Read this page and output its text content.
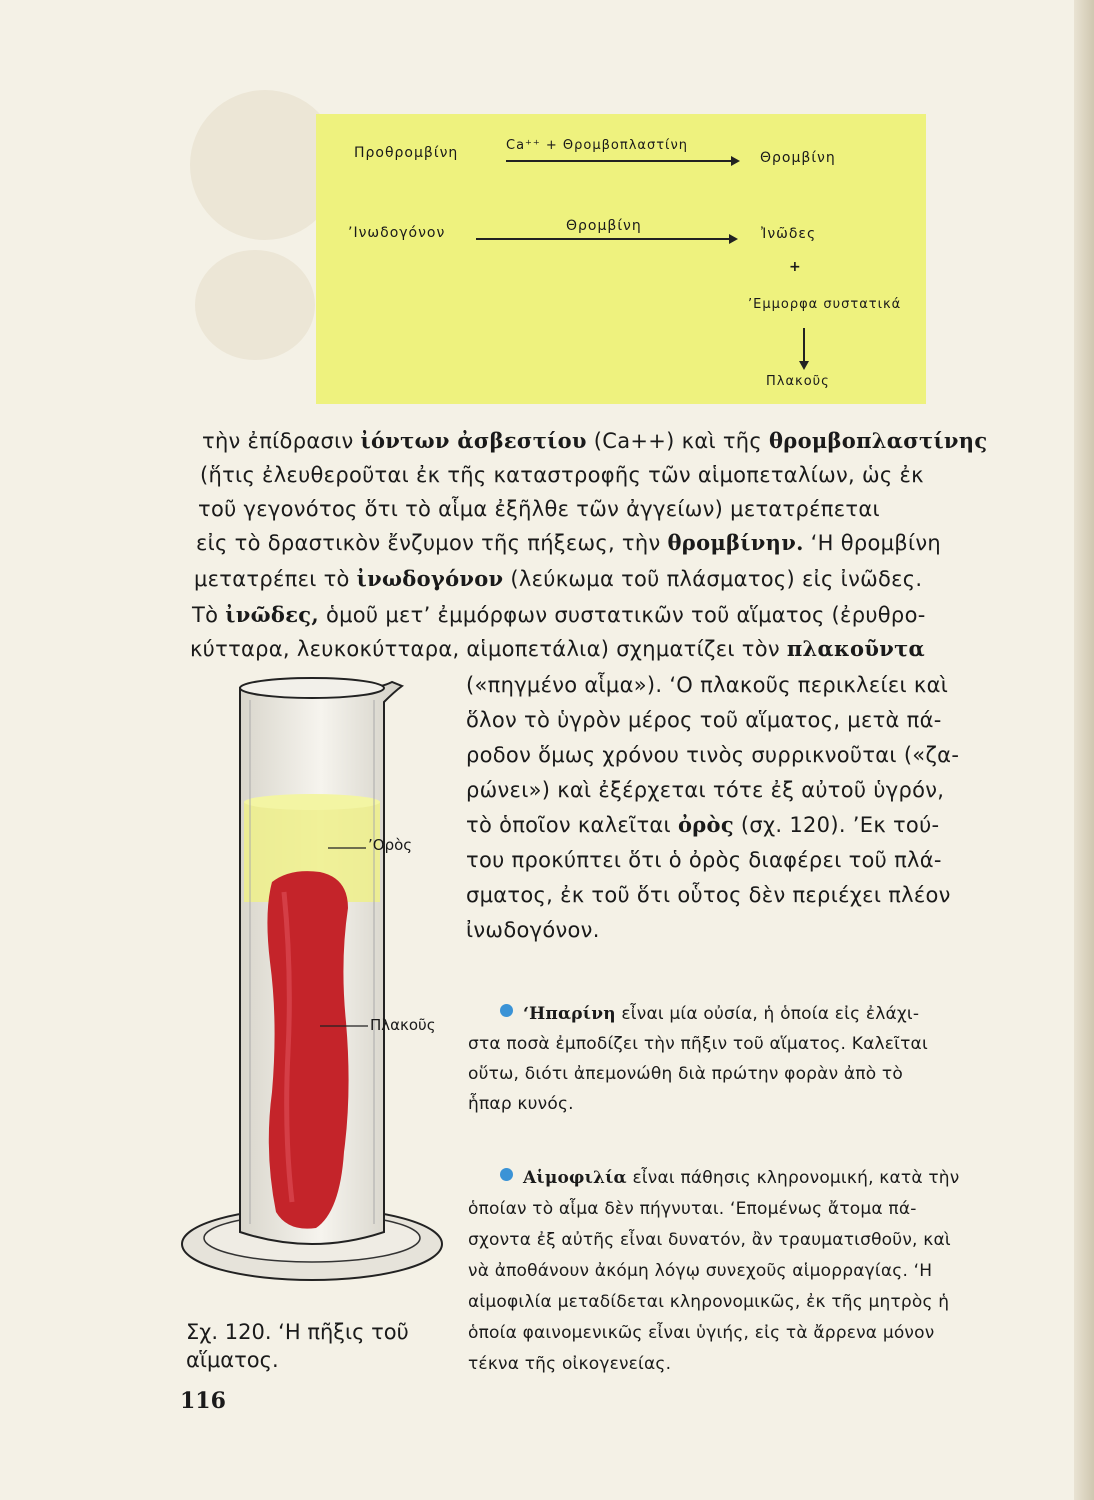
Προθρομβίνη	Ca⁺⁺ + Θρομβοπλαστίνη
Θρομβίνη
’Ινωδογόνον	Θρομβίνη	Ἰνῶδες
+
’Εμμορφα συστατικά
Πλακοῦς
τὴν ἐπίδρασιν ἰόντων ἀσβεστίου (Ca++) καὶ τῆς θρομβοπλαστίνης
(ἥτις ἐλευθεροῦται ἐκ τῆς καταστροφῆς τῶν αἱμοπεταλίων, ὡς ἐκ
τοῦ γεγονότος ὅτι τὸ αἷμα ἐξῆλθε τῶν ἀγγείων) μετατρέπεται
εἰς τὸ δραστικὸν ἔνζυμον τῆς πήξεως, τὴν θρομβίνην. ‘Η θρομβίνη
μετατρέπει τὸ ἰνωδογόνον (λεύκωμα τοῦ πλάσματος) εἰς ἰνῶδες.
Τὸ ἰνῶδες, ὁμοῦ μετ’ ἐμμόρφων συστατικῶν τοῦ αἵματος (ἐρυθρο-
κύτταρα, λευκοκύτταρα, αἱμοπετάλια) σχηματίζει τὸν πλακοῦντα
(«πηγμένο αἷμα»). ‘Ο πλακοῦς περικλείει καὶ
ὅλον τὸ ὑγρὸν μέρος τοῦ αἵματος, μετὰ πά-
ροδον ὅμως χρόνου τινὸς συρρικνοῦται («ζα-
ρώνει») καὶ ἐξέρχεται τότε ἐξ αὐτοῦ ὑγρόν,
τὸ ὁποῖον καλεῖται ὀρὸς (σχ. 120). ’Εκ τού-
του προκύπτει ὅτι ὁ ὀρὸς διαφέρει τοῦ πλά-
σματος, ἐκ τοῦ ὅτι οὗτος δὲν περιέχει πλέον
ἰνωδογόνον.
’Ορὸς
Πλακοῦς
Σχ. 120. ‘Η πῆξις τοῦ αἵματος.
116
‘Ηπαρίνη εἶναι μία οὐσία, ἡ ὁποία εἰς ἐλάχι-
στα ποσὰ ἐμποδίζει τὴν πῆξιν τοῦ αἵματος. Καλεῖται
οὕτω, διότι ἀπεμονώθη διὰ πρώτην φορὰν ἀπὸ τὸ
ἧπαρ κυνός.
Αἱμοφιλία εἶναι πάθησις κληρονομική, κατὰ τὴν
ὁποίαν τὸ αἷμα δὲν πήγνυται. ‘Επομένως ἄτομα πά-
σχοντα ἐξ αὐτῆς εἶναι δυνατόν, ἂν τραυματισθοῦν, καὶ
νὰ ἀποθάνουν ἀκόμη λόγῳ συνεχοῦς αἱμορραγίας. ‘Η
αἱμοφιλία μεταδίδεται κληρονομικῶς, ἐκ τῆς μητρὸς ἡ
ὁποία φαινομενικῶς εἶναι ὑγιής, εἰς τὰ ἄρρενα μόνον
τέκνα τῆς οἰκογενείας.
